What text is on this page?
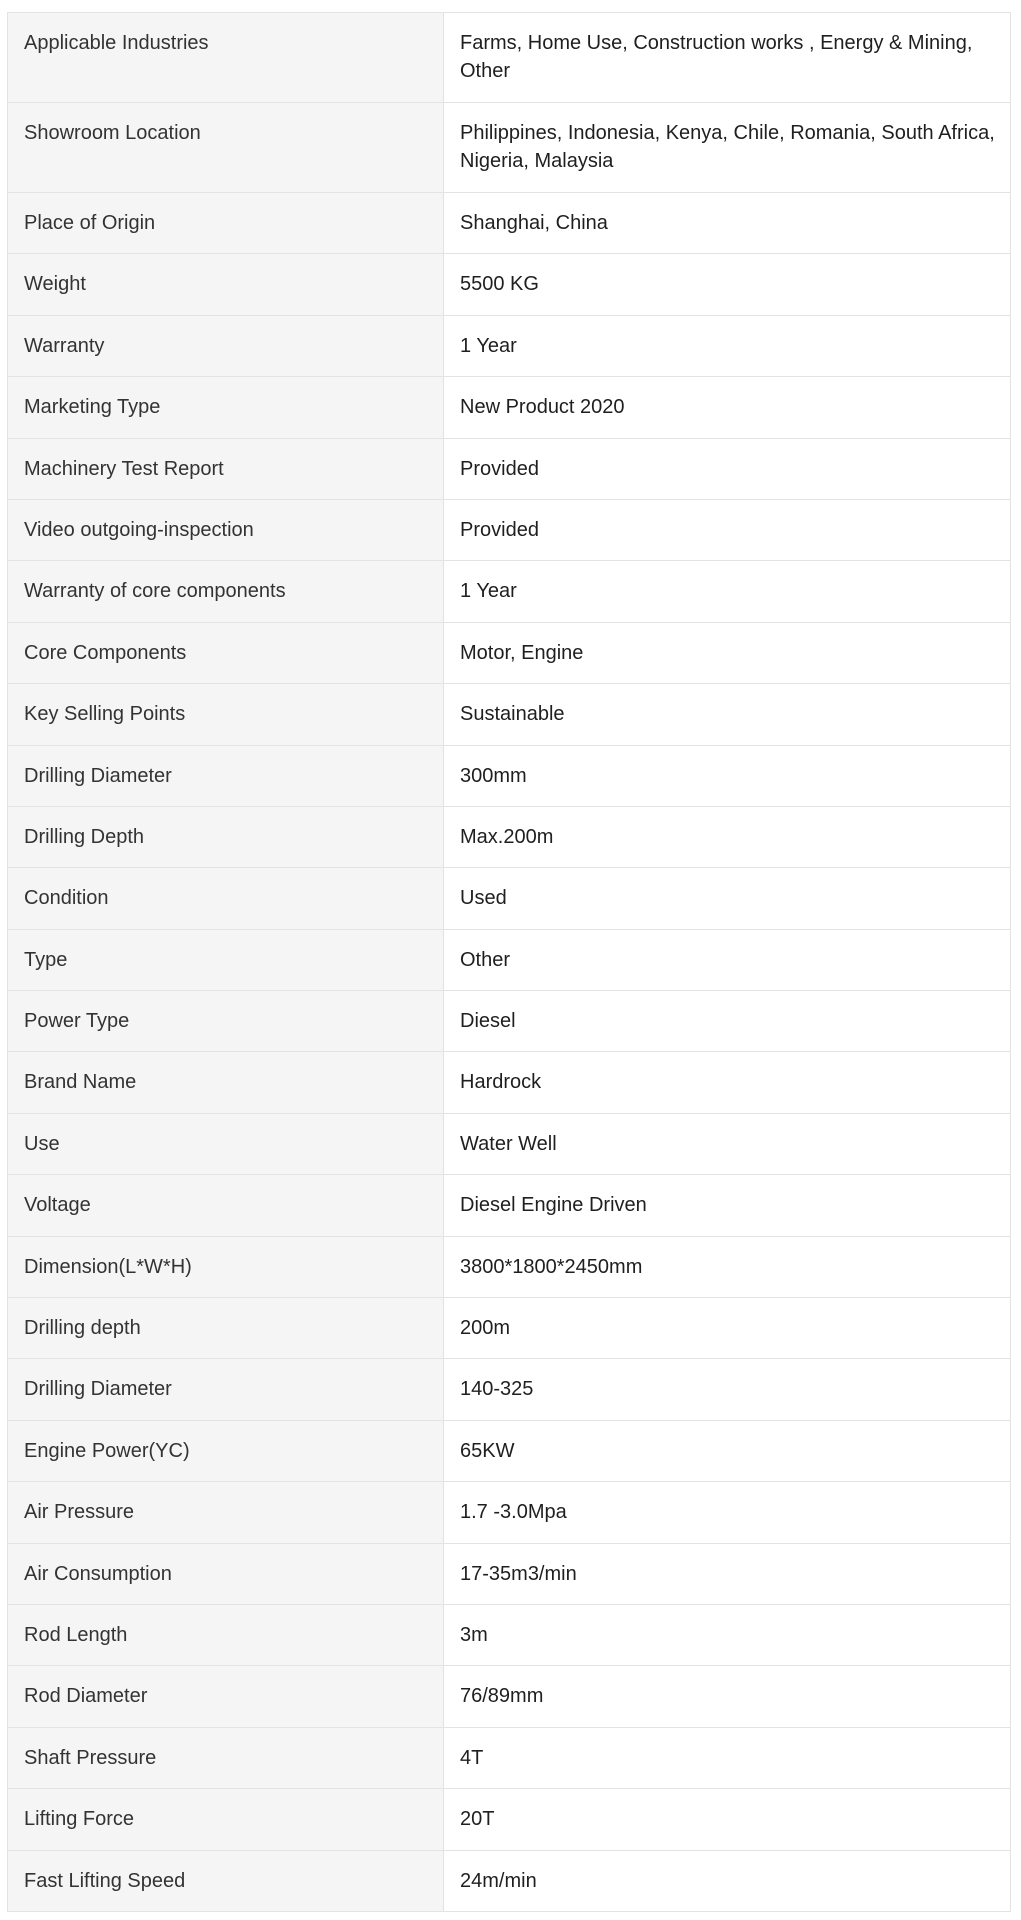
Applicable Industries	Farms, Home Use, Construction works , Energy & Mining, Other
Showroom Location	Philippines, Indonesia, Kenya, Chile, Romania, South Africa, Nigeria, Malaysia
Place of Origin	Shanghai, China
Weight	5500 KG
Warranty	1 Year
Marketing Type	New Product 2020
Machinery Test Report	Provided
Video outgoing-inspection	Provided
Warranty of core components	1 Year
Core Components	Motor, Engine
Key Selling Points	Sustainable
Drilling Diameter	300mm
Drilling Depth	Max.200m
Condition	Used
Type	Other
Power Type	Diesel
Brand Name	Hardrock
Use	Water Well
Voltage	Diesel Engine Driven
Dimension(L*W*H)	3800*1800*2450mm
Drilling depth	200m
Drilling Diameter	140-325
Engine Power(YC)	65KW
Air Pressure	1.7 -3.0Mpa
Air Consumption	17-35m3/min
Rod Length	3m
Rod Diameter	76/89mm
Shaft Pressure	4T
Lifting Force	20T
Fast Lifting Speed	24m/min
